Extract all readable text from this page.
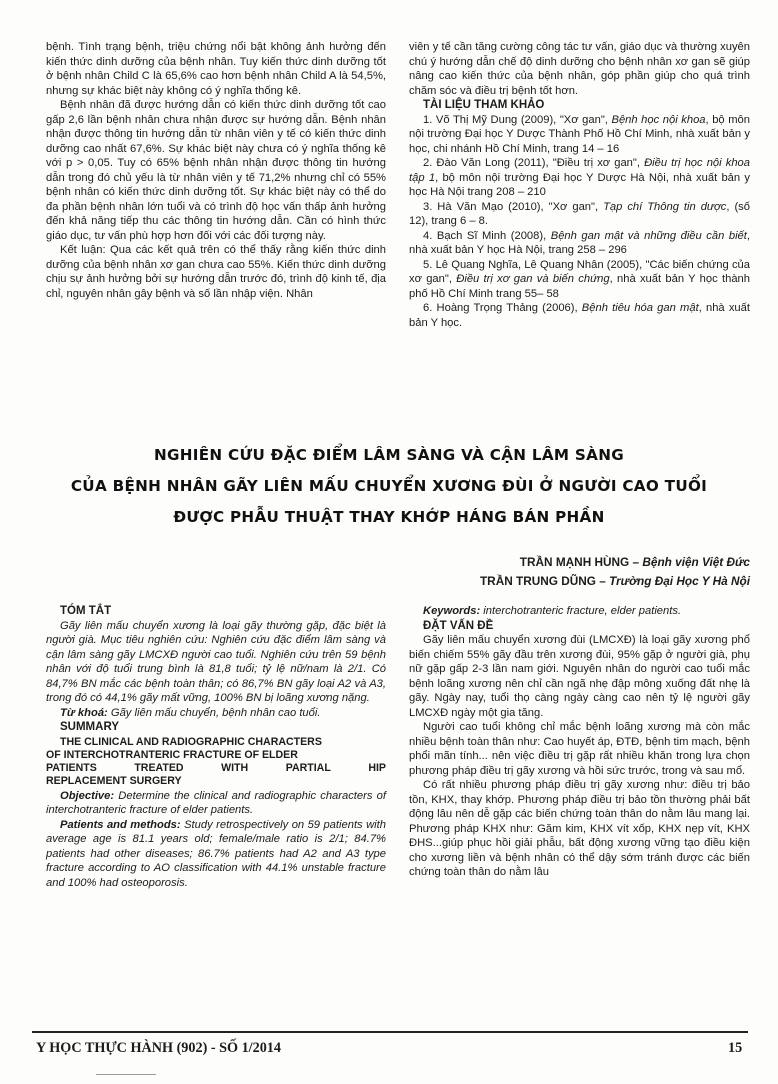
bệnh. Tình trạng bệnh, triệu chứng nổi bật không ảnh hưởng đến kiến thức dinh dưỡng của bệnh nhân. Tuy kiến thức dinh dưỡng tốt ở bệnh nhân Child C là 65,6% cao hơn bệnh nhân Child A là 54,5%, nhưng sự khác biệt này không có ý nghĩa thống kê.

Bệnh nhân đã được hướng dẫn có kiến thức dinh dưỡng tốt cao gấp 2,6 lần bệnh nhân chưa nhận được sự hướng dẫn. Bệnh nhân nhận được thông tin hướng dẫn từ nhân viên y tế có kiến thức dinh dưỡng cao nhất 67,6%. Sự khác biệt này chưa có ý nghĩa thống kê với p > 0,05. Tuy có 65% bệnh nhân nhận được thông tin hướng dẫn trong đó chủ yếu là từ nhân viên y tế 71,2% nhưng chỉ có 55% bệnh nhân có kiến thức dinh dưỡng tốt. Sự khác biệt này có thể do đa phần bệnh nhân lớn tuổi và có trình độ học vấn thấp ảnh hưởng đến khả năng tiếp thu các thông tin hướng dẫn. Cần có hình thức giáo dục, tư vấn phù hợp hơn đối với các đối tượng này.

Kết luận: Qua các kết quả trên có thể thấy rằng kiến thức dinh dưỡng của bệnh nhân xơ gan chưa cao 55%. Kiến thức dinh dưỡng chịu sự ảnh hưởng bởi sự hướng dẫn trước đó, trình độ kinh tế, địa chỉ, nguyên nhân gây bệnh và số lần nhập viện. Nhân

viên y tế cần tăng cường công tác tư vấn, giáo dục và thường xuyên chú ý hướng dẫn chế độ dinh dưỡng cho bệnh nhân xơ gan sẽ giúp nâng cao kiến thức của bệnh nhân, góp phần giúp cho quá trình chăm sóc và điều trị bệnh tốt hơn.

TÀI LIỆU THAM KHẢO

1. Võ Thị Mỹ Dung (2009), "Xơ gan", Bệnh học nội khoa, bộ môn nội trường Đại học Y Dược Thành Phố Hồ Chí Minh, nhà xuất bản y học, chi nhánh Hồ Chí Minh, trang 14 – 16

2. Đào Văn Long (2011), "Điều trị xơ gan", Điều trị học nội khoa tập 1, bộ môn nội trường Đại học Y Dược Hà Nội, nhà xuất bản y học Hà Nội trang 208 – 210

3. Hà Văn Mạo (2010), "Xơ gan", Tạp chí Thông tin dược, (số 12), trang 6 – 8.

4. Bạch Sĩ Minh (2008), Bệnh gan mật và những điều cần biết, nhà xuất bản Y học Hà Nội, trang 258 – 296

5. Lê Quang Nghĩa, Lê Quang Nhân (2005), "Các biến chứng của xơ gan", Điều trị xơ gan và biến chứng, nhà xuất bản Y học thành phố Hồ Chí Minh trang 55– 58

6. Hoàng Trọng Thảng (2006), Bệnh tiêu hóa gan mật, nhà xuất bản Y học.

NGHIÊN CỨU ĐẶC ĐIỂM LÂM SÀNG VÀ CẬN LÂM SÀNG
CỦA BỆNH NHÂN GÃY LIÊN MẤU CHUYỂN XƯƠNG ĐÙI Ở NGƯỜI CAO TUỔI
ĐƯỢC PHẪU THUẬT THAY KHỚP HÁNG BÁN PHẦN
TRẦN MẠNH HÙNG – Bệnh viện Việt Đức
TRẦN TRUNG DŨNG – Trường Đại Học Y Hà Nội

TÓM TẮT

Gãy liên mấu chuyển xương là loại gãy thường gặp, đặc biệt là người già. Mục tiêu nghiên cứu: Nghiên cứu đặc điểm lâm sàng và cận lâm sàng gãy LMCXĐ người cao tuổi. Nghiên cứu trên 59 bệnh nhân với độ tuổi trung bình là 81,8 tuổi; tỷ lệ nữ/nam là 2/1. Có 84,7% BN mắc các bệnh toàn thân; có 86,7% BN gãy loại A2 và A3, trong đó có 44,1% gãy mất vững, 100% BN bị loãng xương nặng.

Từ khoá: Gãy liên mấu chuyển, bệnh nhân cao tuổi.

SUMMARY

THE CLINICAL AND RADIOGRAPHIC CHARACTERS
OF INTERCHOTRANTERIC FRACTURE OF ELDER
PATIENTS	TREATED	WITH	PARTIAL	HIP
REPLACEMENT SURGERY

Objective: Determine the clinical and radiographic characters of interchotranteric fracture of elder patients.

Patients and methods: Study retrospectively on 59 patients with average age is 81.1 years old; female/male ratio is 2/1; 84.7% patients had other diseases; 86.7% patients had A2 and A3 type fracture according to AO classification with 44.1% unstable fracture and 100% had osteoporosis.

Keywords: interchotranteric fracture, elder patients.

ĐẶT VẤN ĐỀ

Gãy liên mấu chuyển xương đùi (LMCXĐ) là loại gãy xương phổ biến chiếm 55% gãy đầu trên xương đùi, 95% gặp ở người già, phụ nữ gặp gấp 2-3 lần nam giới. Nguyên nhân do người cao tuổi mắc bệnh loãng xương nên chỉ cần ngã nhẹ đập mông xuống đất nhẹ là gãy. Ngày nay, tuổi thọ càng ngày càng cao nên tỷ lệ người gãy LMCXĐ ngày một gia tăng.

Người cao tuổi không chỉ mắc bệnh loãng xương mà còn mắc nhiều bệnh toàn thân như: Cao huyết áp, ĐTĐ, bệnh tim mạch, bệnh phổi mãn tính... nên việc điều trị gặp rất nhiều khăn trong lựa chọn phương pháp điều trị gãy xương và hồi sức trước, trong và sau mổ.

Có rất nhiều phương pháp điều trị gãy xương như: điều trị bảo tồn, KHX, thay khớp. Phương pháp điều trị bảo tồn thường phải bất động lâu nên dễ gặp các biến chứng toàn thân do nằm lâu mang lại. Phương pháp KHX như: Găm kim, KHX vít xốp, KHX nẹp vít, KHX ĐHS...giúp phục hồi giải phẫu, bất động xương vững tạo điều kiện cho xương liền và bệnh nhân có thể dậy sớm tránh được các biến chứng toàn thân do nằm lâu

Y HỌC THỰC HÀNH (902) - SỐ 1/2014	15
